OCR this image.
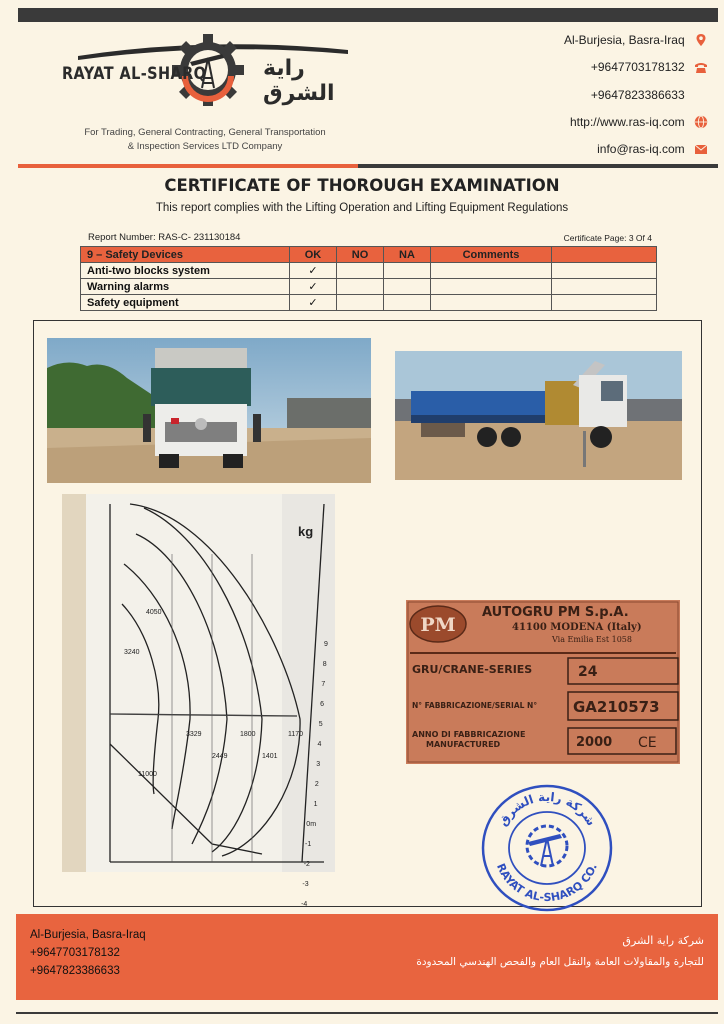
RAYAT AL-SHARQ	راية الشرق
For Trading, General Contracting, General Transportation
& Inspection Services LTD Company
Al-Burjesia, Basra-Iraq
+9647703178132
+9647823386633
http://www.ras-iq.com
info@ras-iq.com
CERTIFICATE OF THOROUGH EXAMINATION
This report complies with the Lifting Operation and Lifting Equipment Regulations
Report Number: RAS-C- 231130184	Certificate Page: 3 Of 4
9 – Safety Devices	OK	NO	NA	Comments	
Anti-two blocks system	✓				
Warning alarms	✓				
Safety equipment	✓				
kg
4050
3240
3329
2449
1800
1401
1170
11000
9
8
7
6
5
4
3
2
1
0m
-1
-2
-3
-4
PM
AUTOGRU PM S.p.A.
41100 MODENA (Italy)
Via Emilia Est 1058
GRU/CRANE-SERIES	24
N° FABBRICAZIONE/SERIAL N° GA210573
ANNO DI FABBRICAZIONE
MANUFACTURED	2000 CE
شركة راية الشرق
RAYAT AL-SHARQ CO.
Al-Burjesia, Basra-Iraq
+9647703178132
+9647823386633
شركة راية الشرق
للتجارة والمقاولات العامة والنقل العام والفحص الهندسي المحدودة
